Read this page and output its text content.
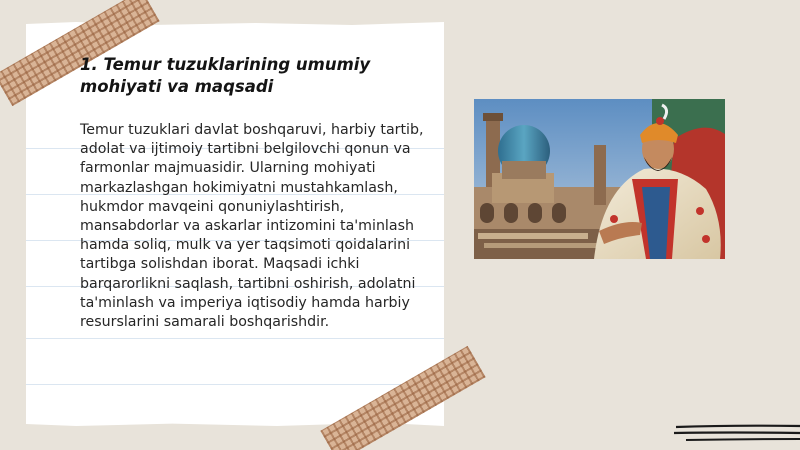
1. Temur tuzuklarining umumiy mohiyati va maqsadi

Temur tuzuklari davlat boshqaruvi, harbiy tartib, adolat va ijtimoiy tartibni belgilovchi qonun va farmonlar majmuasidir. Ularning mohiyati markazlashgan hokimiyatni mustahkamlash, hukmdor mavqeini qonuniylashtirish, mansabdorlar va askarlar intizomini ta'minlash hamda soliq, mulk va yer taqsimoti qoidalarini tartibga solishdan iborat. Maqsadi ichki barqarorlikni saqlash, tartibni oshirish, adolatni ta'minlash va imperiya iqtisodiy hamda harbiy resurslarini samarali boshqarishdir.
